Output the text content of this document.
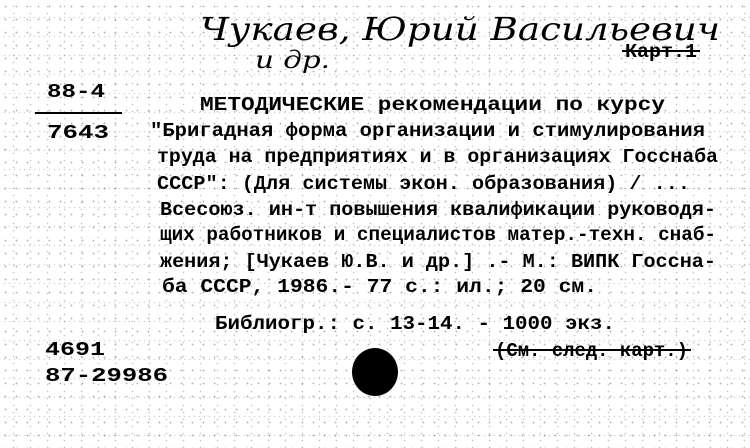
Чукаев, Юрий Васильевич
и др.	Карт.1
88-4
7643
МЕТОДИЧЕСКИЕ рекомендации по курсу
"Бригадная форма организации и стимулирования
труда на предприятиях и в организациях Госснаба
СССР": (Для системы экон. образования) / ...
Всесоюз. ин-т повышения квалификации руководя-
щих работников и специалистов матер.-техн. снаб-
жения; [Чукаев Ю.В. и др.] .- М.: ВИПК Госсна-
ба СССР, 1986.- 77 с.: ил.; 20 см.
Библиогр.: с. 13-14. - 1000 экз.
(См. след. карт.)
4691
87-29986
